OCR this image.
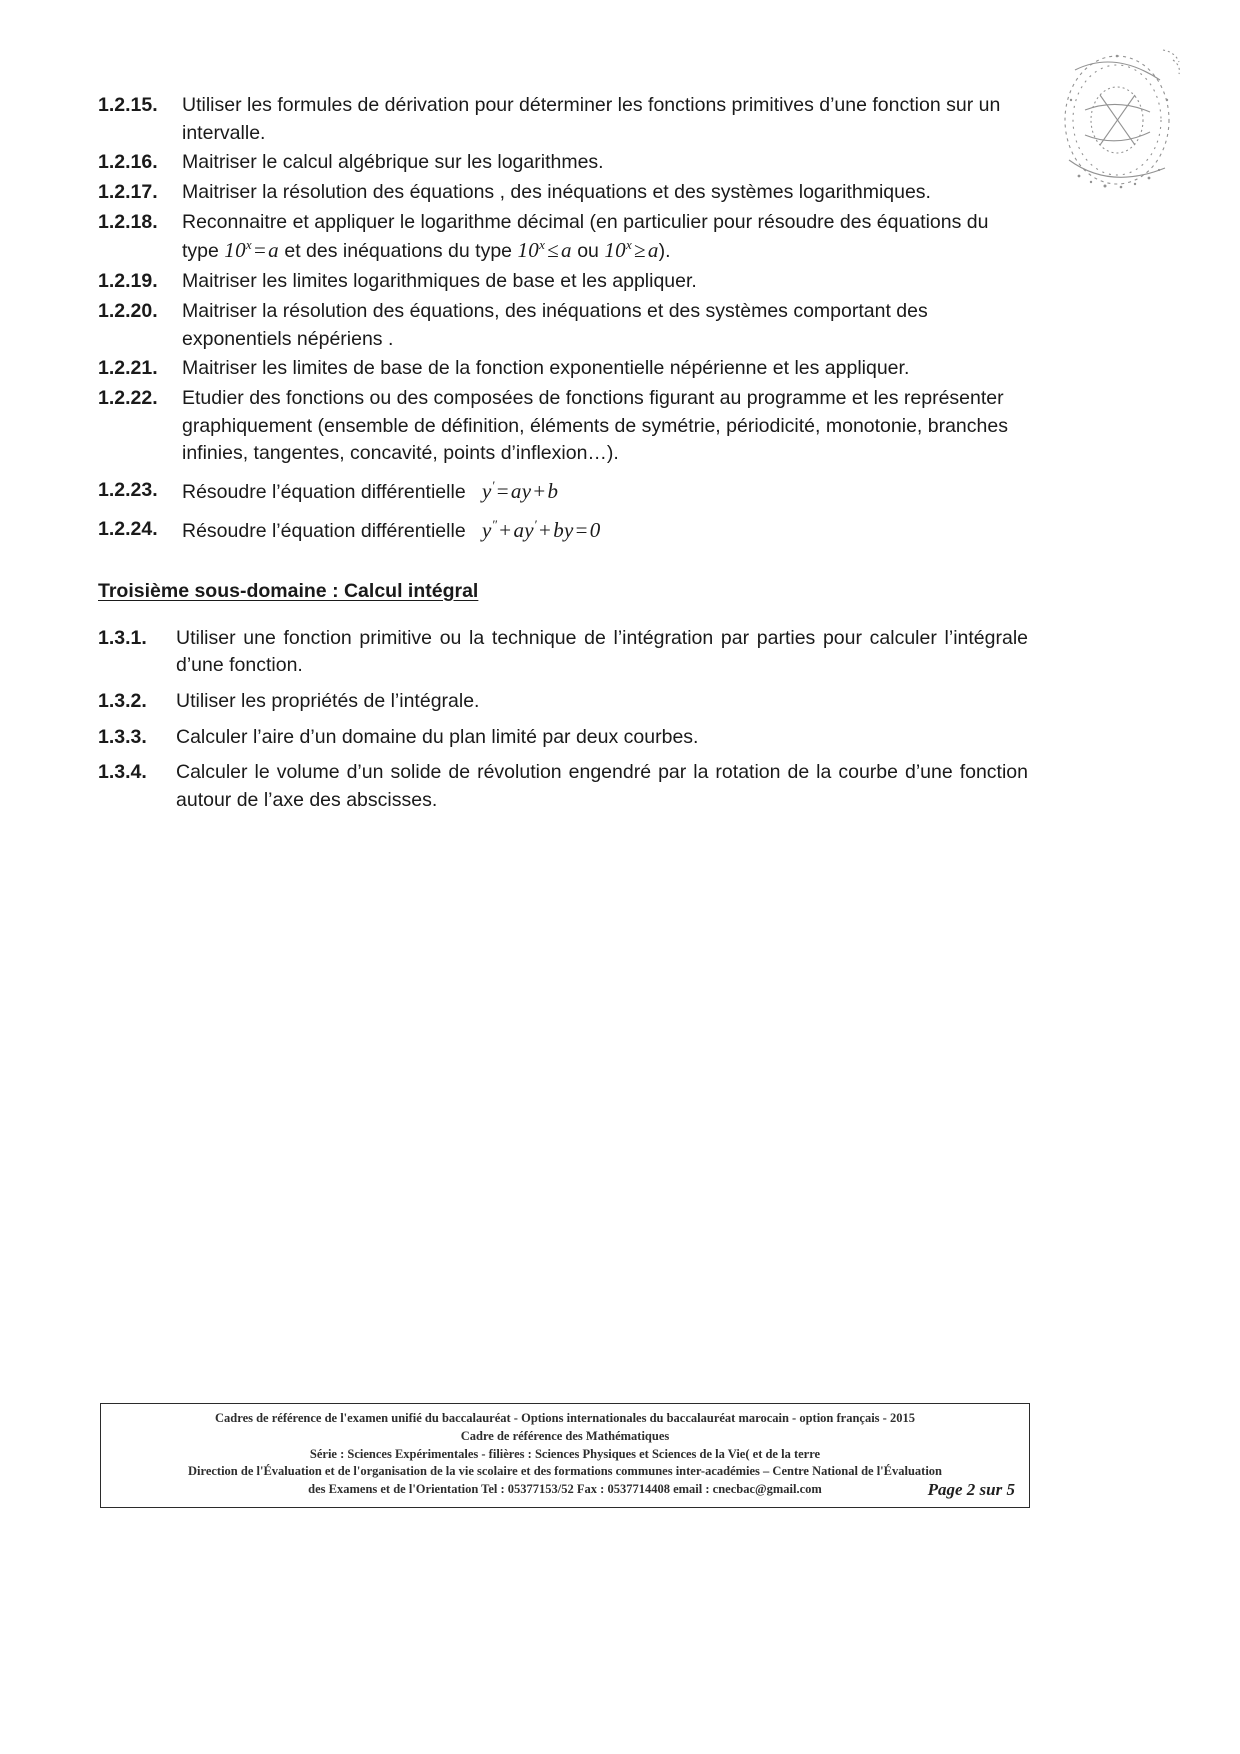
1.2.15.	Utiliser les formules de dérivation pour déterminer les fonctions primitives d’une fonction sur un intervalle.
1.2.16.	Maitriser le calcul algébrique sur les logarithmes.
1.2.17.	Maitriser la résolution des équations , des inéquations et des systèmes logarithmiques.
1.2.18.	Reconnaitre et appliquer le logarithme décimal (en particulier pour résoudre des équations du type $10^x=a$ et des inéquations du type $10^x\le a$ ou $10^x\ge a$).
1.2.19.	Maitriser les limites logarithmiques de base et les appliquer.
1.2.20.	Maitriser la résolution des équations, des inéquations et des systèmes comportant des exponentiels népériens .
1.2.21.	Maitriser les limites de base de la fonction exponentielle népérienne et les appliquer.
1.2.22.	Etudier des fonctions ou des composées de fonctions figurant au programme et les représenter graphiquement (ensemble de définition, éléments de symétrie, périodicité, monotonie, branches infinies, tangentes, concavité, points d’inflexion…).
1.2.23.	Résoudre l’équation différentielle y′=ay+b
1.2.24.	Résoudre l’équation différentielle y″+ay′+by=0
Troisième sous-domaine : Calcul intégral
1.3.1.	Utiliser une fonction primitive ou la technique de l’intégration par parties pour calculer l’intégrale d’une fonction.
1.3.2.	Utiliser les propriétés de l’intégrale.
1.3.3.	Calculer l’aire d’un domaine du plan limité par deux courbes.
1.3.4.	Calculer le volume d’un solide de révolution engendré par la rotation de la courbe d’une fonction autour de l’axe des abscisses.
Cadres de référence de l'examen unifié du baccalauréat - Options internationales du baccalauréat marocain - option français - 2015
Cadre de référence des Mathématiques
Série : Sciences Expérimentales - filières : Sciences Physiques et Sciences de la Vie( et de la terre
Direction de l'Évaluation et de l'organisation de la vie scolaire et des formations communes inter-académies – Centre National de l'Évaluation
des Examens et de l'Orientation Tel : 05377153/52 Fax : 0537714408 email : cnecbac@gmail.com	Page 2 sur 5
